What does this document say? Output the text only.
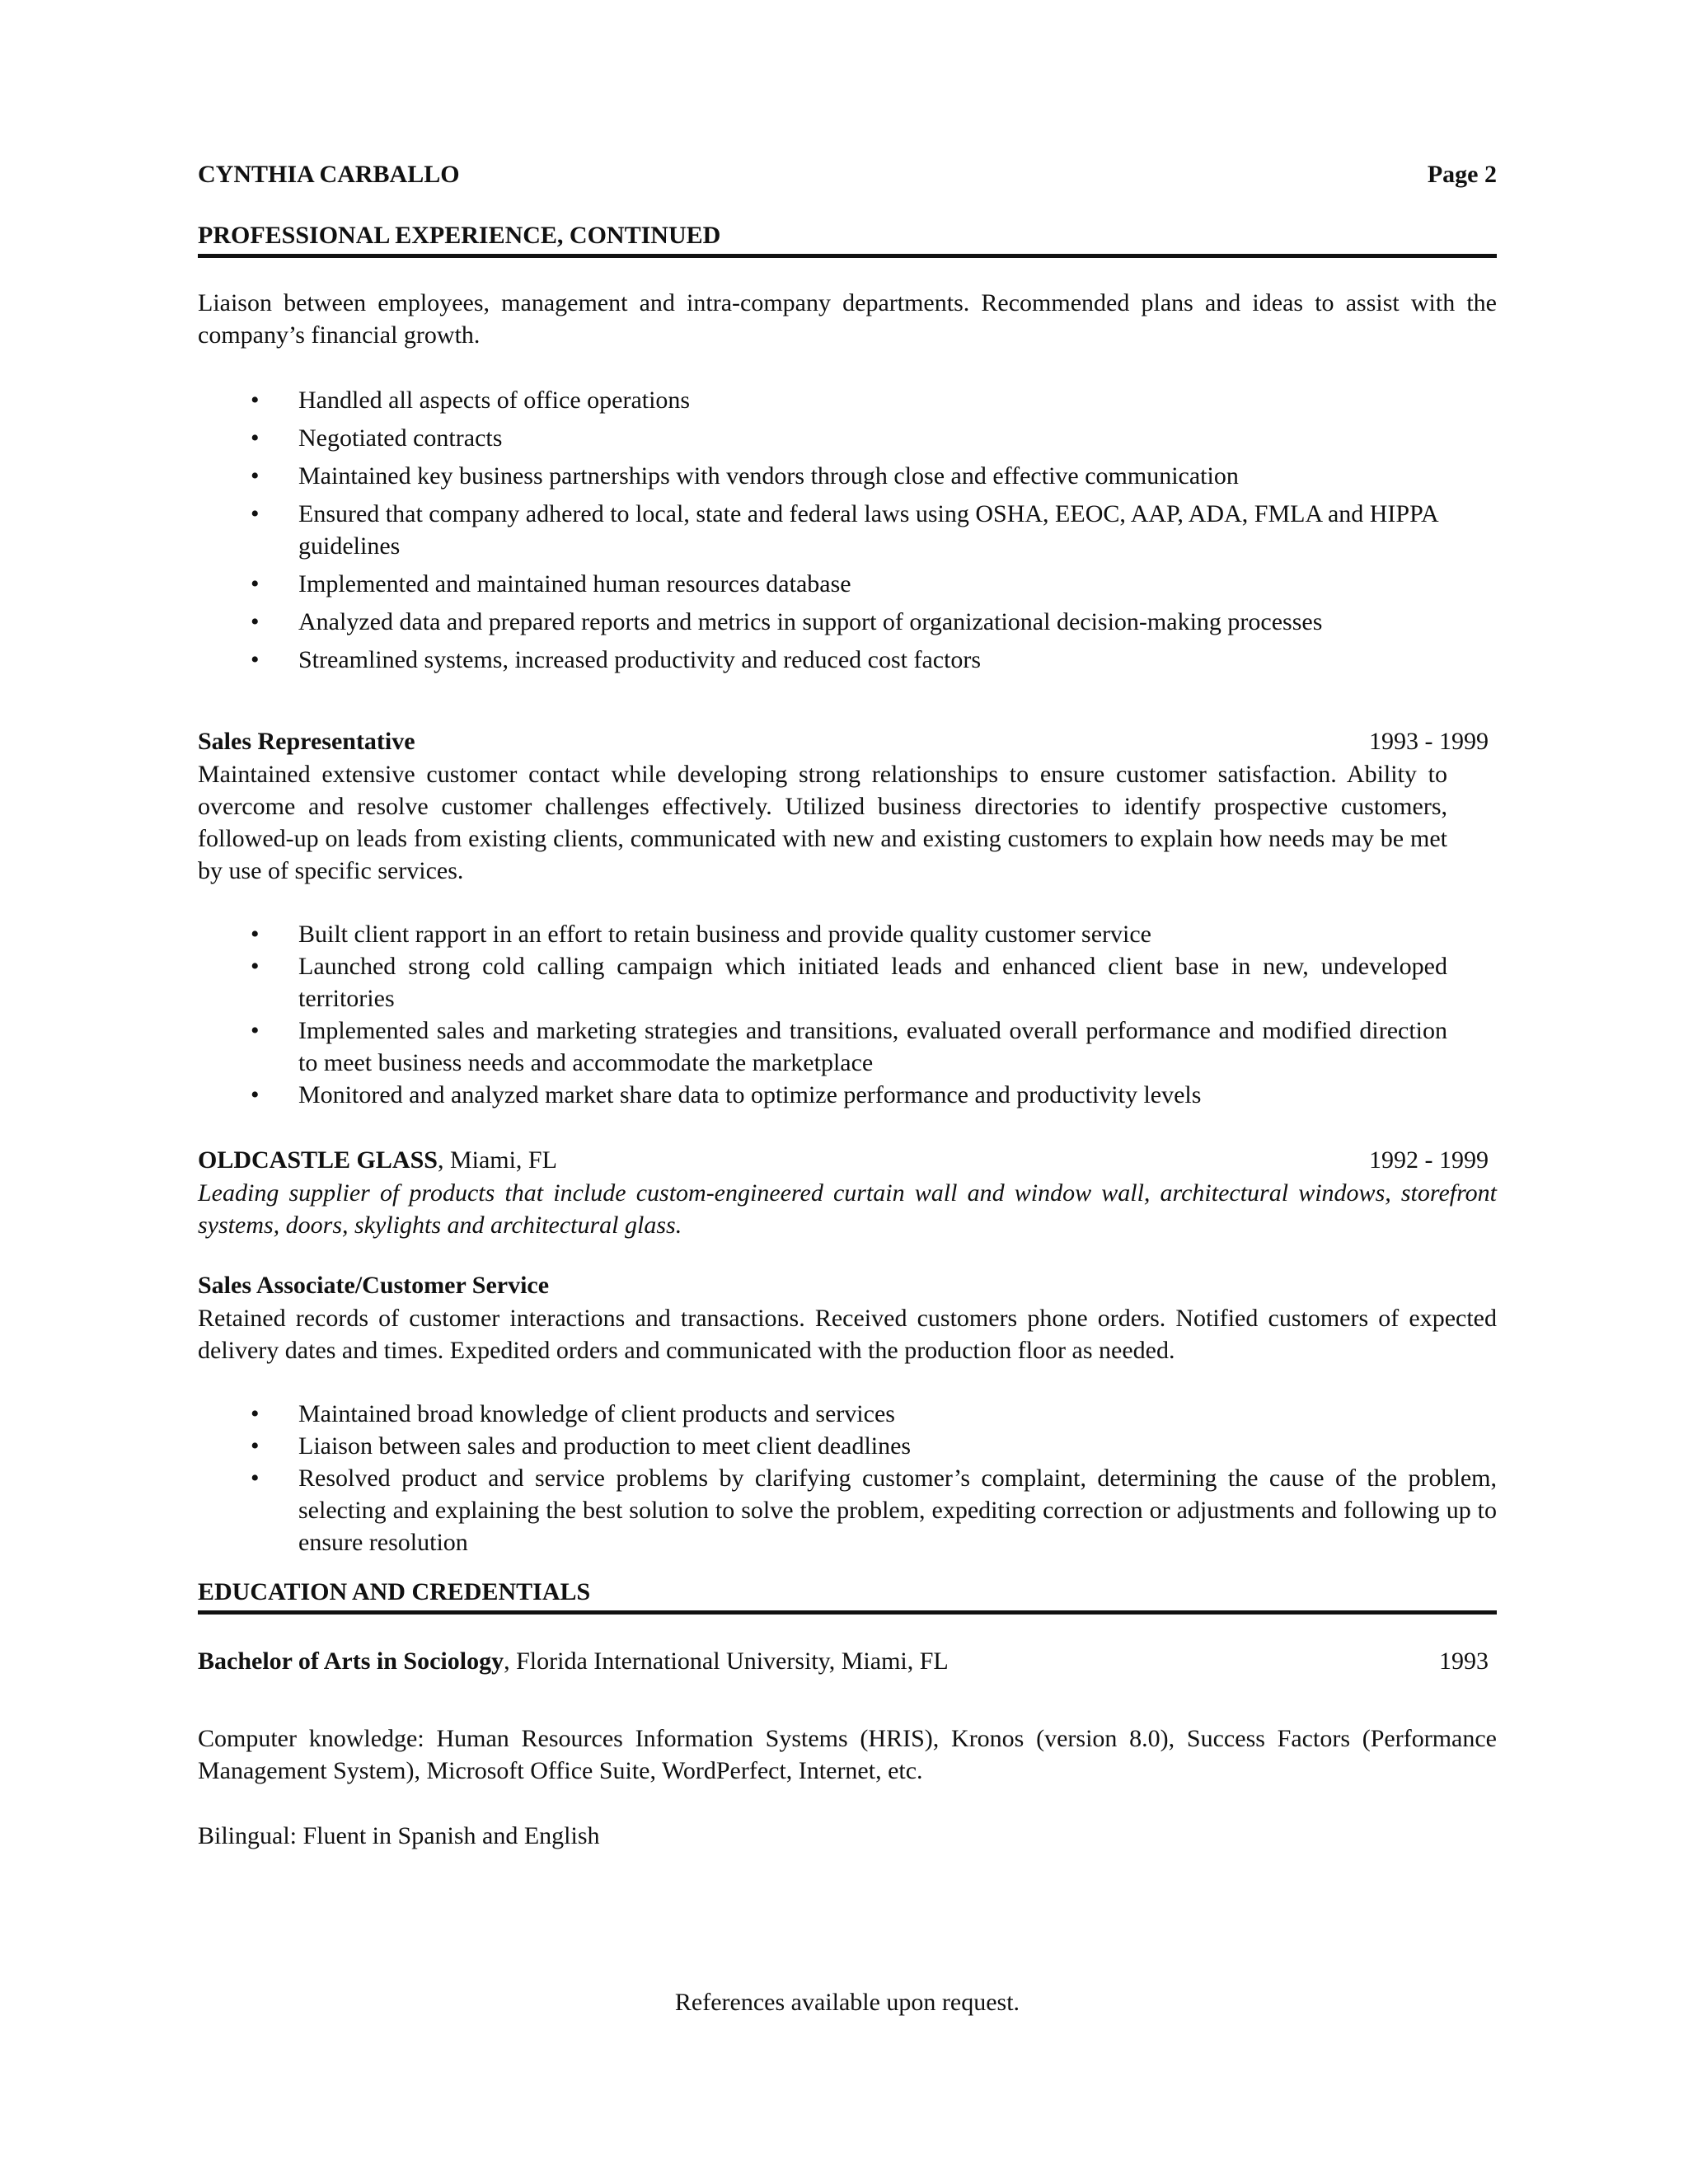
CYNTHIA CARBALLO	Page 2
PROFESSIONAL EXPERIENCE, CONTINUED

Liaison between employees, management and intra-company departments. Recommended plans and ideas to assist with the company’s financial growth.

• Handled all aspects of office operations
• Negotiated contracts
• Maintained key business partnerships with vendors through close and effective communication
• Ensured that company adhered to local, state and federal laws using OSHA, EEOC, AAP, ADA, FMLA and HIPPA guidelines
• Implemented and maintained human resources database
• Analyzed data and prepared reports and metrics in support of organizational decision-making processes
• Streamlined systems, increased productivity and reduced cost factors
Sales Representative	1993 - 1999

Maintained extensive customer contact while developing strong relationships to ensure customer satisfaction. Ability to overcome and resolve customer challenges effectively. Utilized business directories to identify prospective customers, followed-up on leads from existing clients, communicated with new and existing customers to explain how needs may be met by use of specific services.

• Built client rapport in an effort to retain business and provide quality customer service
• Launched strong cold calling campaign which initiated leads and enhanced client base in new, undeveloped territories
• Implemented sales and marketing strategies and transitions, evaluated overall performance and modified direction to meet business needs and accommodate the marketplace
• Monitored and analyzed market share data to optimize performance and productivity levels
OLDCASTLE GLASS, Miami, FL	1992 - 1999

Leading supplier of products that include custom-engineered curtain wall and window wall, architectural windows, storefront systems, doors, skylights and architectural glass.

Sales Associate/Customer Service

Retained records of customer interactions and transactions. Received customers phone orders. Notified customers of expected delivery dates and times. Expedited orders and communicated with the production floor as needed.

• Maintained broad knowledge of client products and services
• Liaison between sales and production to meet client deadlines
• Resolved product and service problems by clarifying customer’s complaint, determining the cause of the problem, selecting and explaining the best solution to solve the problem, expediting correction or adjustments and following up to ensure resolution
EDUCATION AND CREDENTIALS
Bachelor of Arts in Sociology, Florida International University, Miami, FL	1993

Computer knowledge: Human Resources Information Systems (HRIS), Kronos (version 8.0), Success Factors (Performance Management System), Microsoft Office Suite, WordPerfect, Internet, etc.

Bilingual: Fluent in Spanish and English

References available upon request.
